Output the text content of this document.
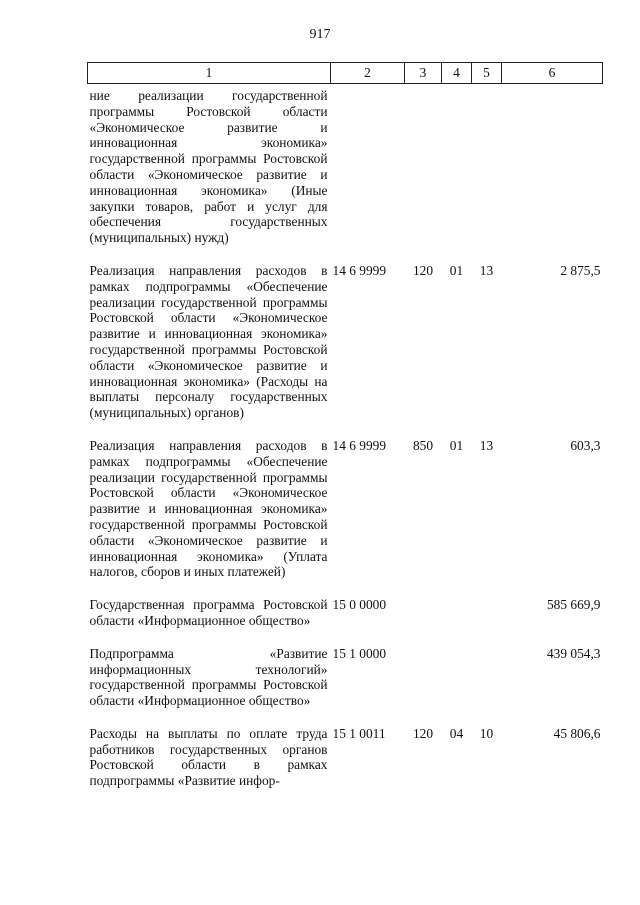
917
1	2	3	4	5	6
ние реализации государственной программы Ростовской области «Экономическое развитие и инновационная экономика» государственной программы Ростовской области «Экономическое развитие и инновационная экономика» (Иные закупки товаров, работ и услуг для обеспечения государственных (муниципальных) нужд)					
Реализация направления расходов в рамках подпрограммы «Обеспечение реализации государственной программы Ростовской области «Экономическое развитие и инновационная экономика» государственной программы Ростовской области «Экономическое развитие и инновационная экономика» (Расходы на выплаты персоналу государственных (муниципальных) органов)	14 6 9999	120	01	13	2 875,5
Реализация направления расходов в рамках подпрограммы «Обеспечение реализации государственной программы Ростовской области «Экономическое развитие и инновационная экономика» государственной программы Ростовской области «Экономическое развитие и инновационная экономика» (Уплата налогов, сборов и иных платежей)	14 6 9999	850	01	13	603,3
Государственная программа Ростовской области «Информационное общество»	15 0 0000				585 669,9
Подпрограмма «Развитие информационных технологий» государственной программы Ростовской области «Информационное общество»	15 1 0000				439 054,3
Расходы на выплаты по оплате труда работников государственных органов Ростовской области в рамках подпрограммы «Развитие инфор-	15 1 0011	120	04	10	45 806,6
